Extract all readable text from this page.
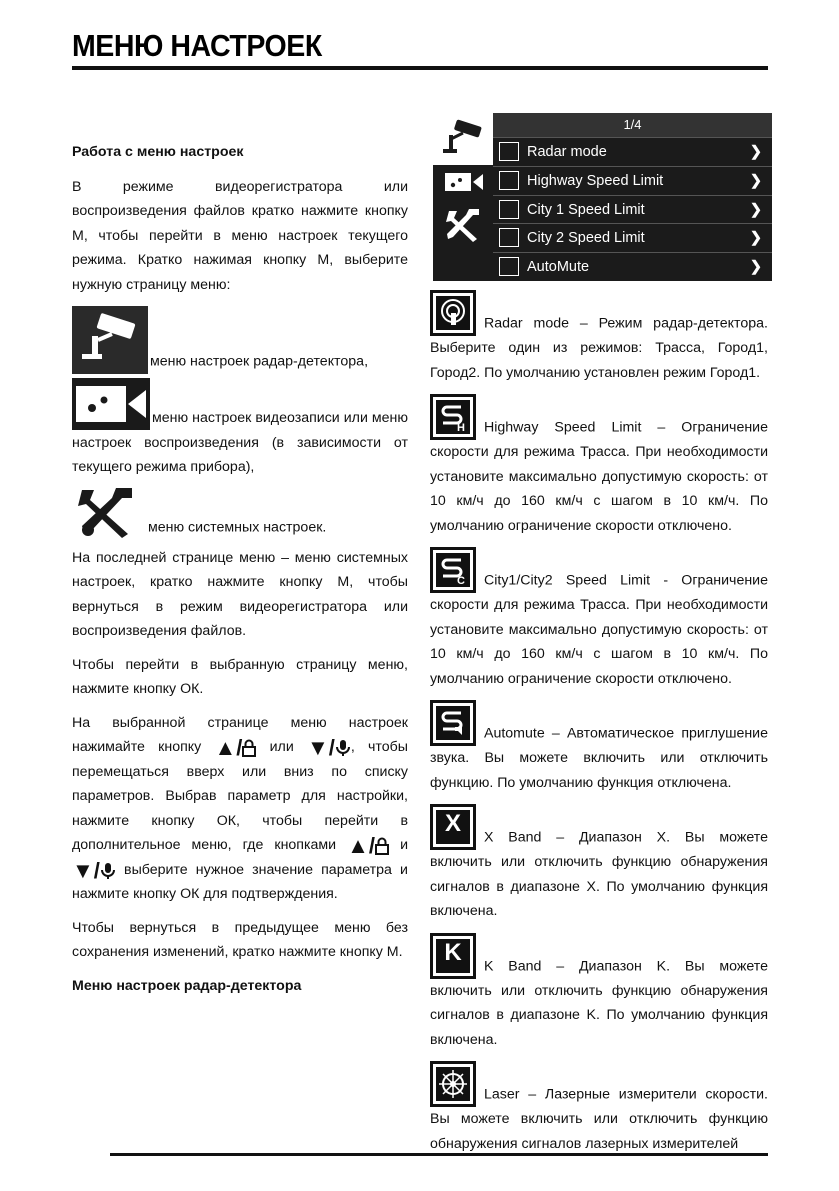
МЕНЮ НАСТРОЕК
Работа с меню настроек
В режиме видеорегистратора или воспроизведения файлов кратко нажмите кнопку М, чтобы перейти в меню настроек текущего режима. Кратко нажимая кнопку М, выберите нужную страницу меню:
меню настроек радар-детектора,
меню настроек видеозаписи или меню настроек воспроизведения (в зависимости от текущего режима прибора),
меню системных настроек.
На последней странице меню – меню системных настроек, кратко нажмите кнопку М, чтобы вернуться в режим видеорегистратора или воспроизведения файлов.
Чтобы перейти в выбранную страницу меню, нажмите кнопку ОК.
На выбранной странице меню настроек нажимайте кнопку ▲/ или ▼/ , чтобы перемещаться вверх или вниз по списку параметров. Выбрав параметр для настройки, нажмите кнопку ОК, чтобы перейти в дополнительное меню, где кнопками ▲/ и ▼/ выберите нужное значение параметра и нажмите кнопку ОК для подтверждения.
Чтобы вернуться в предыдущее меню без сохранения изменений, кратко нажмите кнопку М.
Меню настроек радар-детектора
1/4
Radar mode	❯
Highway Speed Limit	❯
City 1 Speed Limit	❯
City 2 Speed Limit	❯
AutoMute	❯
Radar mode – Режим радар-детектора. Выберите один из режимов: Трасса, Город1, Город2. По умолчанию установлен режим Город1.
H Highway Speed Limit – Ограничение скорости для режима Трасса. При необходимости установите максимально допустимую скорость: от 10 км/ч до 160 км/ч с шагом в 10 км/ч. По умолчанию ограничение скорости отключено.
C City1/City2 Speed Limit - Ограничение скорости для режима Трасса. При необходимости установите максимально допустимую скорость: от 10 км/ч до 160 км/ч с шагом в 10 км/ч. По умолчанию ограничение скорости отключено.
Automute – Автоматическое приглушение звука. Вы можете включить или отключить функцию. По умолчанию функция отключена.
X
X Band – Диапазон X. Вы можете включить или отключить функцию обнаружения сигналов в диапазоне X. По умолчанию функция включена.
K
K Band – Диапазон K. Вы можете включить или отключить функцию обнаружения сигналов в диапазоне K. По умолчанию функция включена.
Laser – Лазерные измерители скорости. Вы можете включить или отключить функцию обнаружения сигналов лазерных измерителей
